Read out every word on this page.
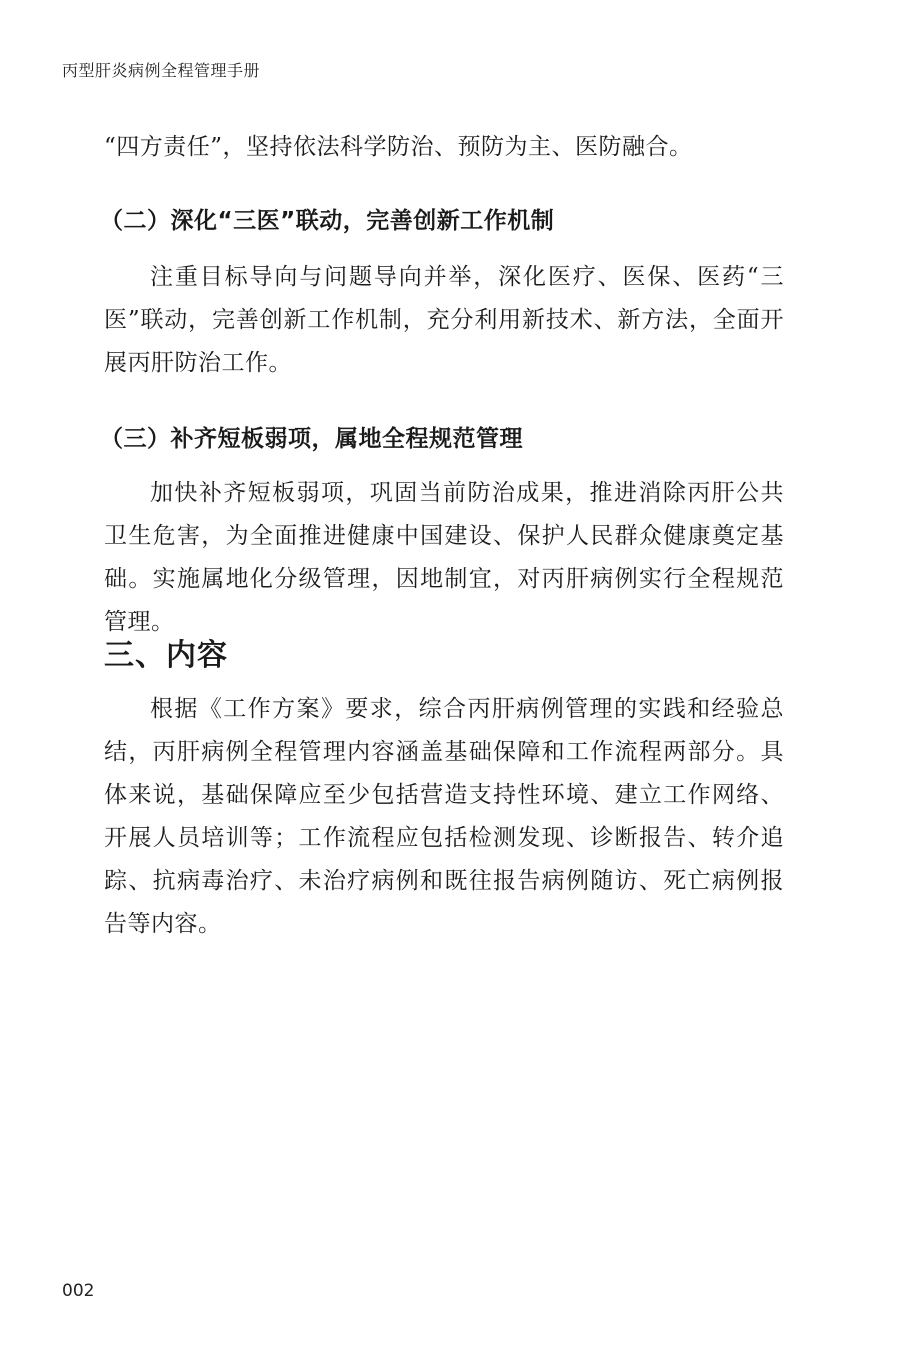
丙型肝炎病例全程管理手册

“四方责任”，坚持依法科学防治、预防为主、医防融合。

（二）深化“三医”联动，完善创新工作机制

注重目标导向与问题导向并举，深化医疗、医保、医药“三医”联动，完善创新工作机制，充分利用新技术、新方法，全面开展丙肝防治工作。

（三）补齐短板弱项，属地全程规范管理

加快补齐短板弱项，巩固当前防治成果，推进消除丙肝公共卫生危害，为全面推进健康中国建设、保护人民群众健康奠定基础。实施属地化分级管理，因地制宜，对丙肝病例实行全程规范管理。

三、内容

根据《工作方案》要求，综合丙肝病例管理的实践和经验总结，丙肝病例全程管理内容涵盖基础保障和工作流程两部分。具体来说，基础保障应至少包括营造支持性环境、建立工作网络、开展人员培训等；工作流程应包括检测发现、诊断报告、转介追踪、抗病毒治疗、未治疗病例和既往报告病例随访、死亡病例报告等内容。

002
